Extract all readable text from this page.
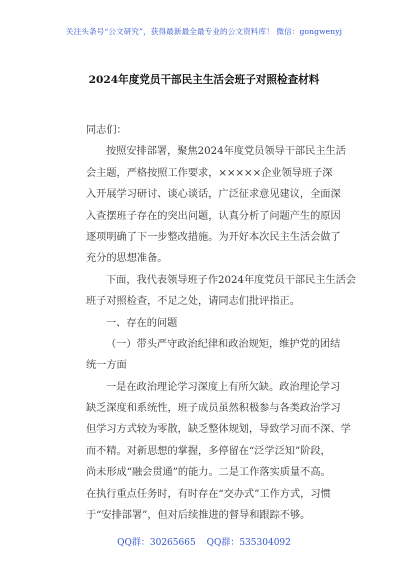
关注头条号“公文研究”，获得最新最全最专业的公文资料库！ 微信：gongwenyj
2024年度党员干部民主生活会班子对照检查材料
同志们：
按照安排部署，聚焦2024年度党员领导干部民主生活
会主题，严格按照工作要求，×××××企业领导班子深
入开展学习研讨、谈心谈话，广泛征求意见建议，全面深
入查摆班子存在的突出问题，认真分析了问题产生的原因
逐项明确了下一步整改措施。为开好本次民主生活会做了
充分的思想准备。
下面，我代表领导班子作2024年度党员干部民主生活会
班子对照检查，不足之处，请同志们批评指正。
一、存在的问题
（一）带头严守政治纪律和政治规矩，维护党的团结
统一方面
一是在政治理论学习深度上有所欠缺。政治理论学习
缺乏深度和系统性，班子成员虽然积极参与各类政治学习
但学习方式较为零散，缺乏整体规划，导致学习而不深、学
而不精。对新思想的掌握，多停留在“泛学泛知”阶段，
尚未形成“融会贯通”的能力。二是工作落实质量不高。
在执行重点任务时，有时存在“交办式”工作方式，习惯
于“安排部署”，但对后续推进的督导和跟踪不够。
QQ群：30265665 QQ群：535304092
